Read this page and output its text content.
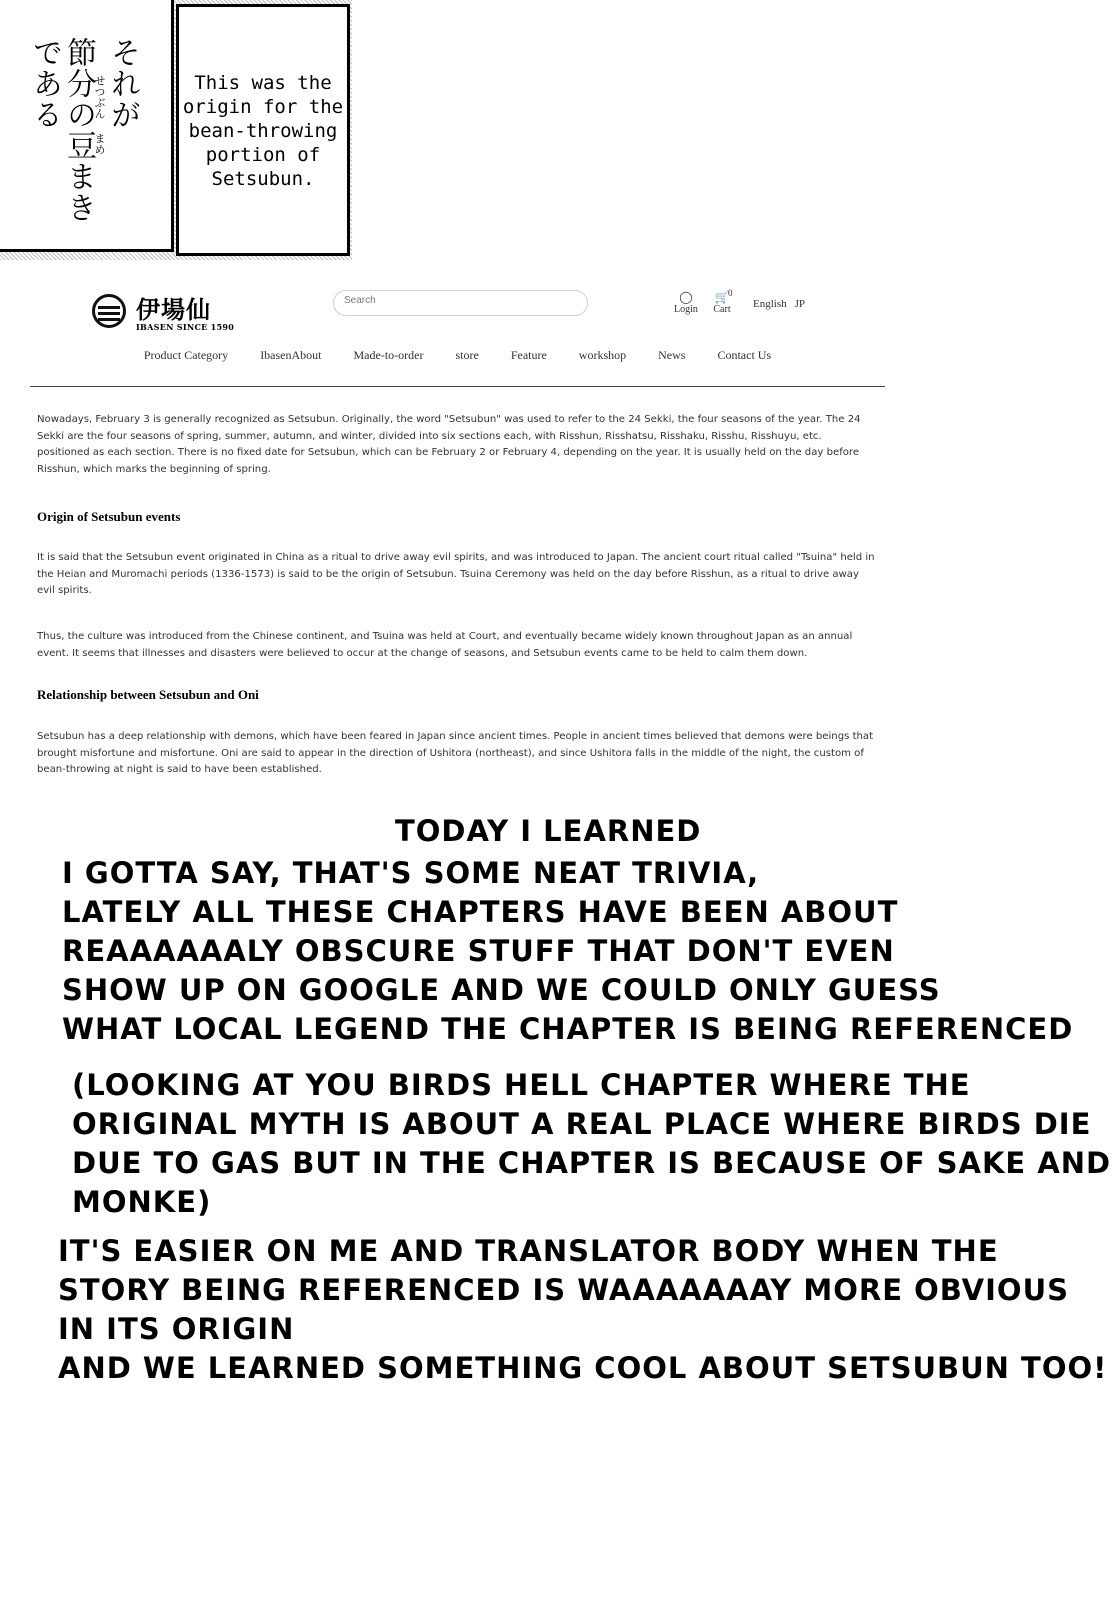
それが
節分の豆まき
である	せつぶん
まめ
This was the
origin for the
bean-throwing
portion of
Setsubun.
伊場仙
IBASEN SINCE 1590
Search	◯
Login
🛒
0
Cart	English JP
Product Category	IbasenAbout	Made-to-order	store	Feature	workshop	News	Contact Us
Nowadays, February 3 is generally recognized as Setsubun. Originally, the word "Setsubun" was used to refer to the 24 Sekki, the four seasons of the year. The 24 Sekki are the four seasons of spring, summer, autumn, and winter, divided into six sections each, with Risshun, Risshatsu, Risshaku, Risshu, Risshuyu, etc. positioned as each section. There is no fixed date for Setsubun, which can be February 2 or February 4, depending on the year. It is usually held on the day before Risshun, which marks the beginning of spring.
Origin of Setsubun events
It is said that the Setsubun event originated in China as a ritual to drive away evil spirits, and was introduced to Japan. The ancient court ritual called "Tsuina" held in the Heian and Muromachi periods (1336-1573) is said to be the origin of Setsubun. Tsuina Ceremony was held on the day before Risshun, as a ritual to drive away evil spirits.
Thus, the culture was introduced from the Chinese continent, and Tsuina was held at Court, and eventually became widely known throughout Japan as an annual event. It seems that illnesses and disasters were believed to occur at the change of seasons, and Setsubun events came to be held to calm them down.
Relationship between Setsubun and Oni
Setsubun has a deep relationship with demons, which have been feared in Japan since ancient times. People in ancient times believed that demons were beings that brought misfortune and misfortune. Oni are said to appear in the direction of Ushitora (northeast), and since Ushitora falls in the middle of the night, the custom of bean-throwing at night is said to have been established.
TODAY I LEARNED
I GOTTA SAY, THAT'S SOME NEAT TRIVIA,
LATELY ALL THESE CHAPTERS HAVE BEEN ABOUT
REAAAAAALY OBSCURE STUFF THAT DON'T EVEN
SHOW UP ON GOOGLE AND WE COULD ONLY GUESS
WHAT LOCAL LEGEND THE CHAPTER IS BEING REFERENCED
(LOOKING AT YOU BIRDS HELL CHAPTER WHERE THE
ORIGINAL MYTH IS ABOUT A REAL PLACE WHERE BIRDS DIE
DUE TO GAS BUT IN THE CHAPTER IS BECAUSE OF SAKE AND
MONKE)
IT'S EASIER ON ME AND TRANSLATOR BODY WHEN THE
STORY BEING REFERENCED IS WAAAAAAAY MORE OBVIOUS
IN ITS ORIGIN
AND WE LEARNED SOMETHING COOL ABOUT SETSUBUN TOO!
